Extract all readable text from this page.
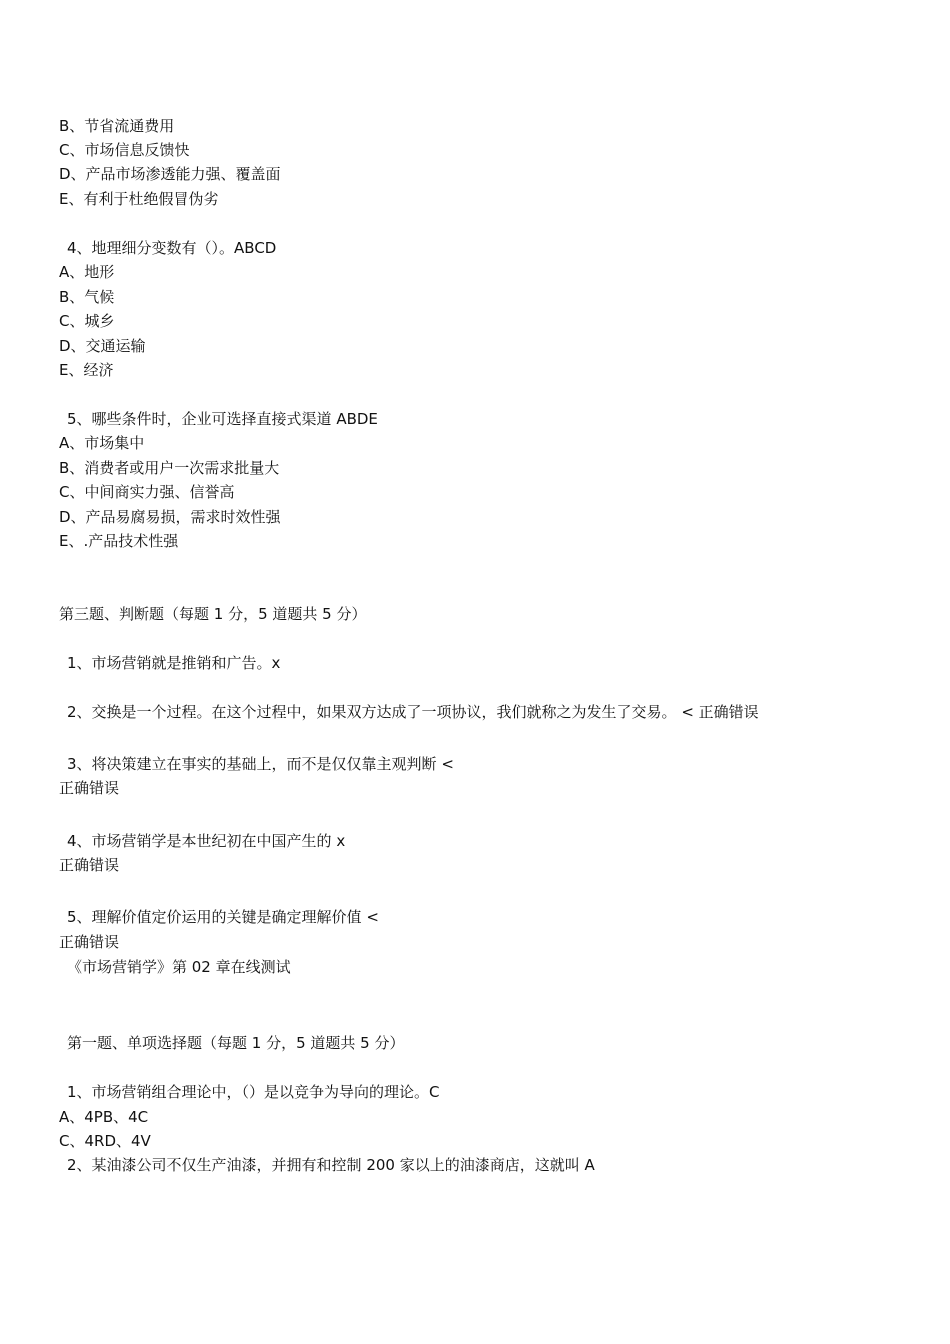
B、节省流通费用
C、市场信息反馈快
D、产品市场渗透能力强、覆盖面
E、有利于杜绝假冒伪劣
4、地理细分变数有（）。ABCD
A、地形
B、气候
C、城乡
D、交通运输
E、经济
5、哪些条件时，企业可选择直接式渠道 ABDE
A、市场集中
B、消费者或用户一次需求批量大
C、中间商实力强、信誉高
D、产品易腐易损，需求时效性强
E、.产品技术性强
第三题、判断题（每题 1 分，5 道题共 5 分）
1、市场营销就是推销和广告。x
2、交换是一个过程。在这个过程中，如果双方达成了一项协议，我们就称之为发生了交易。 < 正确错误
3、将决策建立在事实的基础上，而不是仅仅靠主观判断 <
正确错误
4、市场营销学是本世纪初在中国产生的 x
正确错误
5、理解价值定价运用的关键是确定理解价值 <
正确错误
《市场营销学》第 02 章在线测试
第一题、单项选择题（每题 1 分，5 道题共 5 分）
1、市场营销组合理论中，（）是以竞争为导向的理论。C
A、4PB、4C
C、4RD、4V
2、某油漆公司不仅生产油漆，并拥有和控制 200 家以上的油漆商店，这就叫 A
